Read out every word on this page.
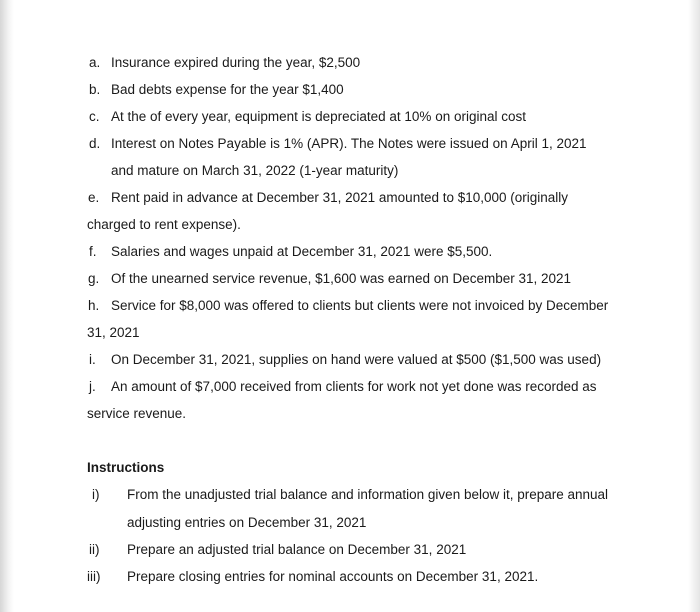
a. Insurance expired during the year, $2,500
b. Bad debts expense for the year $1,400
c. At the of every year, equipment is depreciated at 10% on original cost
d. Interest on Notes Payable is 1% (APR). The Notes were issued on April 1, 2021
and mature on March 31, 2022 (1-year maturity)
e. Rent paid in advance at December 31, 2021 amounted to $10,000 (originally
charged to rent expense).
f. Salaries and wages unpaid at December 31, 2021 were $5,500.
g. Of the unearned service revenue, $1,600 was earned on December 31, 2021
h. Service for $8,000 was offered to clients but clients were not invoiced by December
31, 2021
i. On December 31, 2021, supplies on hand were valued at $500 ($1,500 was used)
j. An amount of $7,000 received from clients for work not yet done was recorded as
service revenue.
Instructions
i) From the unadjusted trial balance and information given below it, prepare annual
adjusting entries on December 31, 2021
ii) Prepare an adjusted trial balance on December 31, 2021
iii) Prepare closing entries for nominal accounts on December 31, 2021.
